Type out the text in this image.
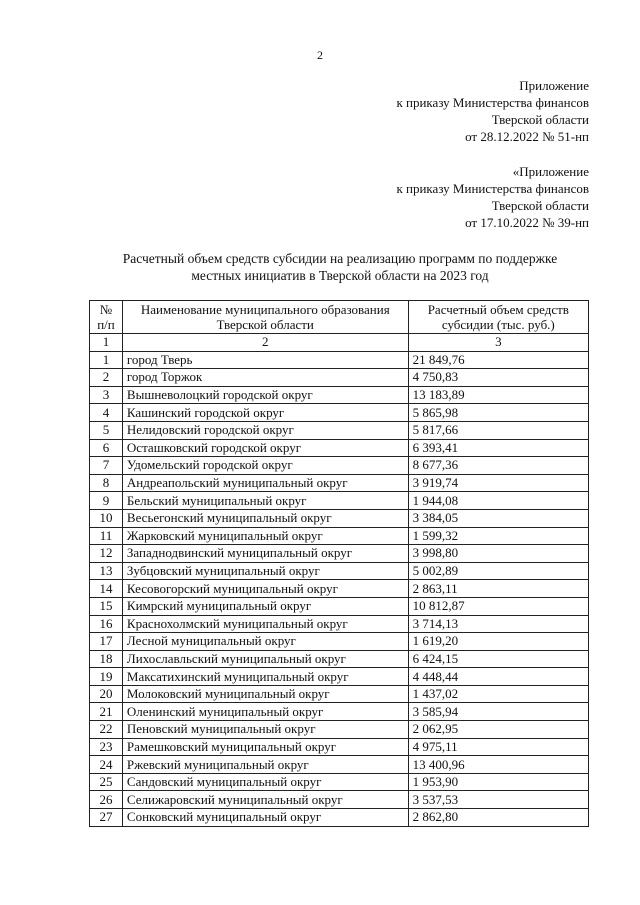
2
Приложение
к приказу Министерства финансов
Тверской области
от 28.12.2022 № 51-нп
«Приложение
к приказу Министерства финансов
Тверской области
от 17.10.2022 № 39-нп
Расчетный объем средств субсидии на реализацию программ по поддержке
местных инициатив в Тверской области на 2023 год
№ п/п	Наименование муниципального образования Тверской области	Расчетный объем средств субсидии (тыс. руб.)
1	2	3
1	город Тверь	21 849,76
2	город Торжок	4 750,83
3	Вышневолоцкий городской округ	13 183,89
4	Кашинский городской округ	5 865,98
5	Нелидовский городской округ	5 817,66
6	Осташковский городской округ	6 393,41
7	Удомельский городской округ	8 677,36
8	Андреапольский муниципальный округ	3 919,74
9	Бельский муниципальный округ	1 944,08
10	Весьегонский муниципальный округ	3 384,05
11	Жарковский муниципальный округ	1 599,32
12	Западнодвинский муниципальный округ	3 998,80
13	Зубцовский муниципальный округ	5 002,89
14	Кесовогорский муниципальный округ	2 863,11
15	Кимрский муниципальный округ	10 812,87
16	Краснохолмский муниципальный округ	3 714,13
17	Лесной муниципальный округ	1 619,20
18	Лихославльский муниципальный округ	6 424,15
19	Максатихинский муниципальный округ	4 448,44
20	Молоковский муниципальный округ	1 437,02
21	Оленинский муниципальный округ	3 585,94
22	Пеновский муниципальный округ	2 062,95
23	Рамешковский муниципальный округ	4 975,11
24	Ржевский муниципальный округ	13 400,96
25	Сандовский муниципальный округ	1 953,90
26	Селижаровский муниципальный округ	3 537,53
27	Сонковский муниципальный округ	2 862,80
